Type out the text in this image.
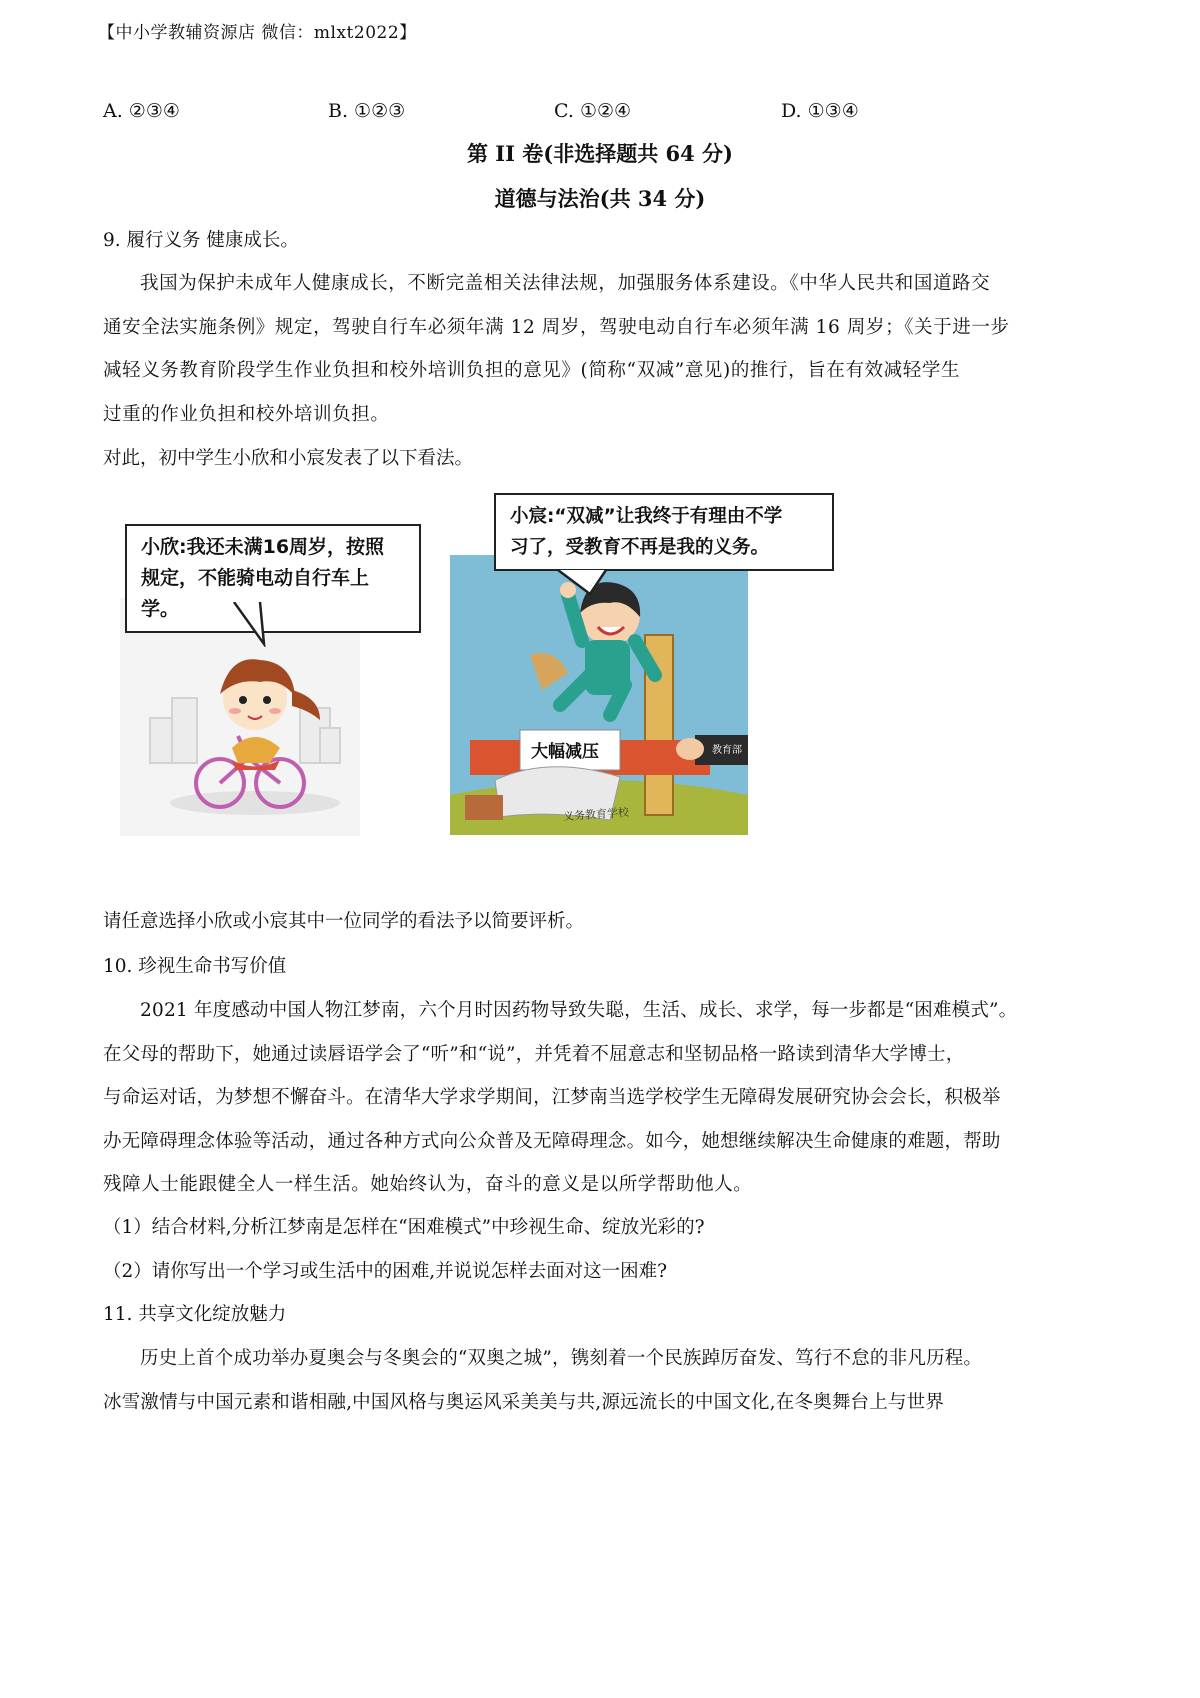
【中小学教辅资源店 微信：mlxt2022】
A. ②③④	B. ①②③	C. ①②④	D. ①③④
第 II 卷(非选择题共 64 分)
道德与法治(共 34 分)
9. 履行义务 健康成长。
我国为保护未成年人健康成长，不断完盖相关法律法规，加强服务体系建设。《中华人民共和国道路交
通安全法实施条例》规定，驾驶自行车必须年满 12 周岁，驾驶电动自行车必须年满 16 周岁；《关于进一步
减轻义务教育阶段学生作业负担和校外培训负担的意见》(简称“双减”意见)的推行，旨在有效减轻学生
过重的作业负担和校外培训负担。
对此，初中学生小欣和小宸发表了以下看法。
小欣:我还未满16周岁，按照
规定，不能骑电动自行车上学。
大幅减压	教育部
义务教育学校
小宸:“双减”让我终于有理由不学
习了，受教育不再是我的义务。
请任意选择小欣或小宸其中一位同学的看法予以简要评析。
10. 珍视生命书写价值
2021 年度感动中国人物江梦南，六个月时因药物导致失聪，生活、成长、求学，每一步都是“困难模式”。
在父母的帮助下，她通过读唇语学会了“听”和“说”，并凭着不屈意志和坚韧品格一路读到清华大学博士，
与命运对话，为梦想不懈奋斗。在清华大学求学期间，江梦南当选学校学生无障碍发展研究协会会长，积极举
办无障碍理念体验等活动，通过各种方式向公众普及无障碍理念。如今，她想继续解决生命健康的难题，帮助
残障人士能跟健全人一样生活。她始终认为，奋斗的意义是以所学帮助他人。
（1）结合材料,分析江梦南是怎样在“困难模式”中珍视生命、绽放光彩的?
（2）请你写出一个学习或生活中的困难,并说说怎样去面对这一困难?
11. 共享文化绽放魅力
历史上首个成功举办夏奥会与冬奥会的“双奥之城”，镌刻着一个民族踔厉奋发、笃行不怠的非凡历程。
冰雪激情与中国元素和谐相融,中国风格与奥运风采美美与共,源远流长的中国文化,在冬奥舞台上与世界
